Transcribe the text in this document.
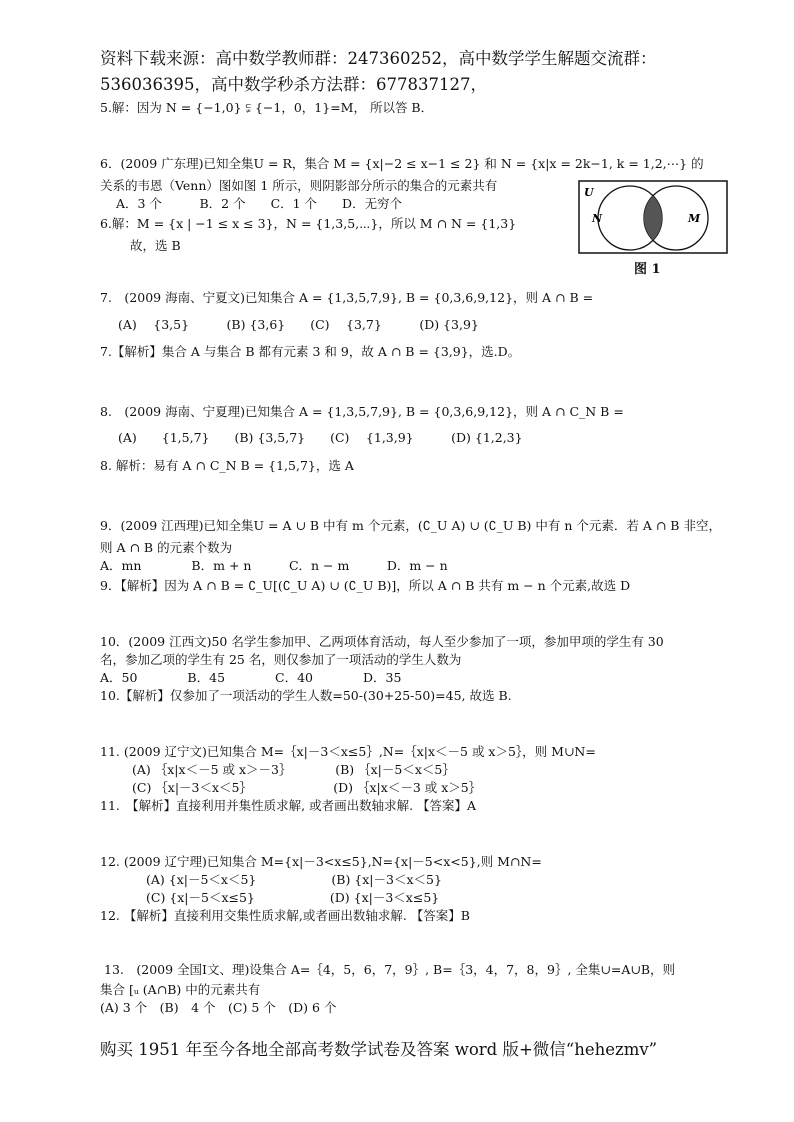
资料下载来源：高中数学教师群：247360252，高中数学学生解题交流群：
536036395，高中数学秒杀方法群：677837127，
5.解：因为 N = {−1,0} ⫋ {−1，0，1}=M， 所以答 B．
6．(2009 广东理)已知全集U = R，集合 M = {x|−2 ≤ x−1 ≤ 2} 和 N = {x|x = 2k−1, k = 1,2,⋯} 的
关系的韦恩（Venn）图如图 1 所示，则阴影部分所示的集合的元素共有
A．3 个　　　B．2 个　　C．1 个　　D．无穷个
6.解：M = {x | −1 ≤ x ≤ 3}，N = {1,3,5,⋯}，所以 M ∩ N = {1,3}
故，选 B
7.　(2009 海南、宁夏文)已知集合 A = {1,3,5,7,9}, B = {0,3,6,9,12}，则 A ∩ B =
(A)　 {3,5}　　　(B) {3,6}　　(C)　 {3,7}　　　(D) {3,9}
7.【解析】集合 A 与集合 B 都有元素 3 和 9，故 A ∩ B = {3,9}，选.D。
8.　(2009 海南、宁夏理)已知集合 A = {1,3,5,7,9}, B = {0,3,6,9,12}，则 A ∩ C_N B =
(A)　　{1,5,7}　　(B) {3,5,7}　　(C)　 {1,3,9}　　　(D) {1,2,3}
8. 解析：易有 A ∩ C_N B = {1,5,7}，选 A
9．(2009 江西理)已知全集U = A ∪ B 中有 m 个元素，(∁_U A) ∪ (∁_U B) 中有 n 个元素．若 A ∩ B 非空，
则 A ∩ B 的元素个数为
A．mn　　　　B．m + n　　　C．n − m　　　D．m − n
9．【解析】因为 A ∩ B = ∁_U[(∁_U A) ∪ (∁_U B)]，所以 A ∩ B 共有 m − n 个元素,故选 D
10．(2009 江西文)50 名学生参加甲、乙两项体育活动，每人至少参加了一项，参加甲项的学生有 30
名，参加乙项的学生有 25 名，则仅参加了一项活动的学生人数为
A．50　　　　B．45　　　　C．40　　　　D．35
10.【解析】仅参加了一项活动的学生人数=50-(30+25-50)=45, 故选 B.
11. (2009 辽宁文)已知集合 M=｛x|－3＜x≤5｝,N=｛x|x＜－5 或 x＞5｝，则 M∪N=
(A) ｛x|x＜－5 或 x＞－3｝　　　　(B) ｛x|－5＜x＜5｝
(C) ｛x|－3＜x＜5｝　　　　　　　(D) ｛x|x＜－3 或 x＞5｝
11.　【解析】直接利用并集性质求解, 或者画出数轴求解. 【答案】A
12. (2009 辽宁理)已知集合 M={x|－3<x≤5},N={x|－5<x<5},则 M∩N=
(A) {x|－5＜x＜5}　　　　　　(B) {x|－3＜x＜5}
(C) {x|－5＜x≤5}　　　　　　(D) {x|－3＜x≤5}
12. 【解析】直接利用交集性质求解,或者画出数轴求解. 【答案】B
13.　(2009 全国Ⅰ文、理)设集合 A=｛4，5，6，7，9｝, B=｛3，4，7，8，9｝, 全集∪=A∪B，则
集合 [ᵤ (A∩B) 中的元素共有
(A) 3 个　(B)　4 个　(C) 5 个　(D) 6 个
U
N	M
图 1
购买 1951 年至今各地全部高考数学试卷及答案 word 版+微信“hehezmv”
